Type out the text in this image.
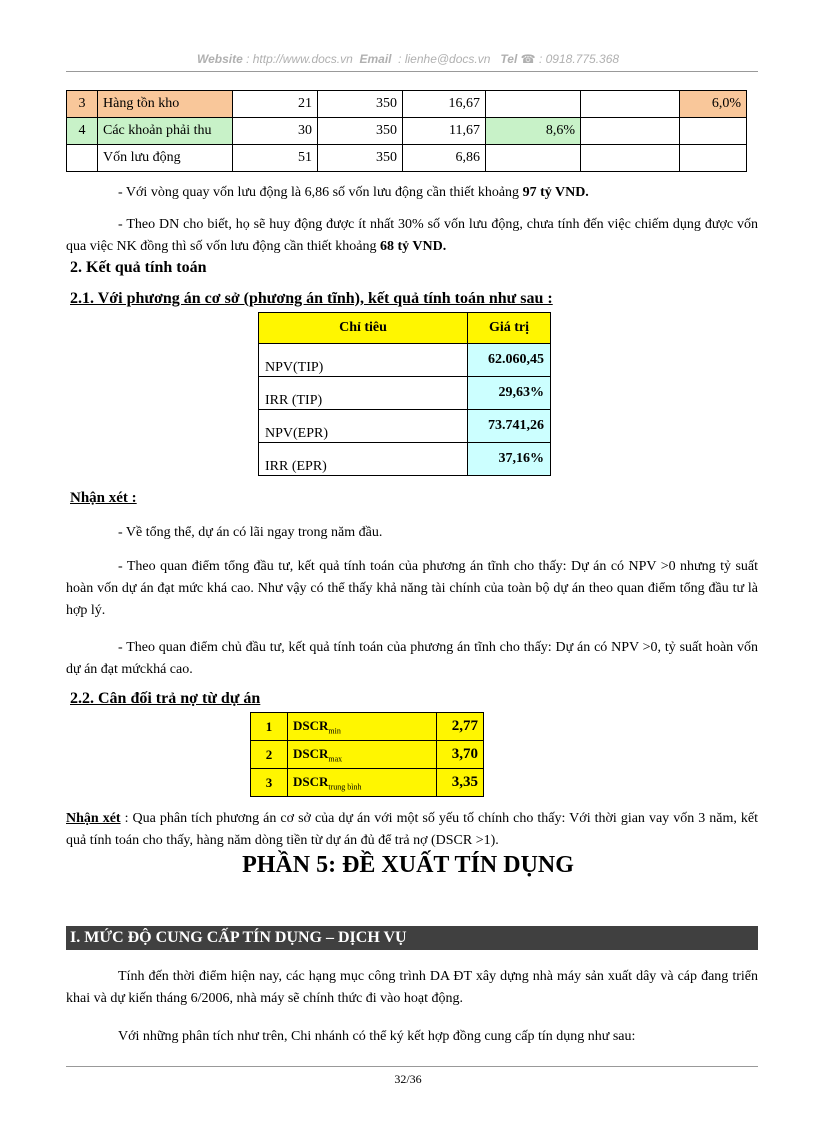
Website : http://www.docs.vn Email : lienhe@docs.vn Tel ☎ : 0918.775.368
3	Hàng tồn kho	21	350	16,67			6,0%
4	Các khoản phải thu	30	350	11,67	8,6%		
	Vốn lưu động	51	350	6,86			

- Với vòng quay vốn lưu động là 6,86 số vốn lưu động cần thiết khoảng 97 tỷ VND.

- Theo DN cho biết, họ sẽ huy động được ít nhất 30% số vốn lưu động, chưa tính đến việc chiếm dụng được vốn qua việc NK đồng thì số vốn lưu động cần thiết khoảng 68 tỷ VND.

2. Kết quả tính toán
2.1. Với phương án cơ sở (phương án tĩnh), kết quả tính toán như sau :
Chỉ tiêu	Giá trị
NPV(TIP)	62.060,45
IRR (TIP)	29,63%
NPV(EPR)	73.741,26
IRR (EPR)	37,16%
Nhận xét :

- Về tổng thể, dự án có lãi ngay trong năm đầu.

- Theo quan điểm tổng đầu tư, kết quả tính toán của phương án tĩnh cho thấy: Dự án có NPV >0 nhưng tỷ suất hoàn vốn dự án đạt mức khá cao. Như vậy có thể thấy khả năng tài chính của toàn bộ dự án theo quan điểm tổng đầu tư là hợp lý.

- Theo quan điểm chủ đầu tư, kết quả tính toán của phương án tĩnh cho thấy: Dự án có NPV >0, tỷ suất hoàn vốn dự án đạt mứckhá cao.

2.2. Cân đối trả nợ từ dự án
1	$DSCR_{min}$	2,77
2	$DSCR_{max}$	3,70
3	$DSCR_{trung bình}$	3,35

Nhận xét : Qua phân tích phương án cơ sở của dự án với một số yếu tố chính cho thấy: Với thời gian vay vốn 3 năm, kết quả tính toán cho thấy, hàng năm dòng tiền từ dự án đủ để trả nợ (DSCR >1).

PHẦN 5: ĐỀ XUẤT TÍN DỤNG
I. MỨC ĐỘ CUNG CẤP TÍN DỤNG – DỊCH VỤ

Tính đến thời điểm hiện nay, các hạng mục công trình DA ĐT xây dựng nhà máy sản xuất dây và cáp đang triển khai và dự kiến tháng 6/2006, nhà máy sẽ chính thức đi vào hoạt động.

Với những phân tích như trên, Chi nhánh có thể ký kết hợp đồng cung cấp tín dụng như sau:

32/36
